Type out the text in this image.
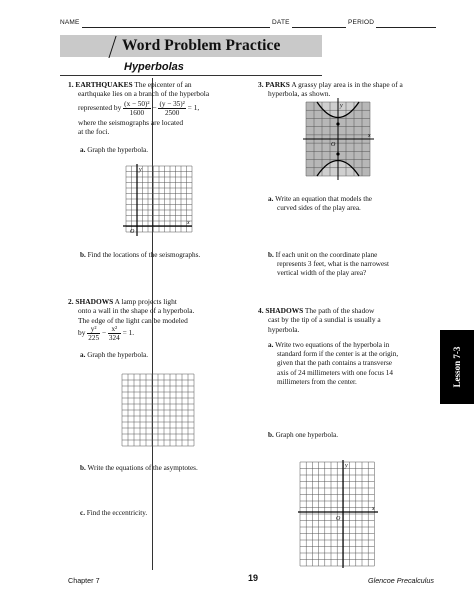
NAME	DATE	PERIOD
Word Problem Practice
Hyperbolas
1. EARTHQUAKES The epicenter of an
earthquake lies on a branch of the hyperbola
represented by $\frac{\text{(x − 50)²}}{1600} - \frac{\text{(y − 35)²}}{2500} = 1$,
where the seismographs are located
at the foci.
a. Graph the hyperbola.
b. Find the locations of the seismographs.
2. SHADOWS A lamp projects light
onto a wall in the shape of a hyperbola.
The edge of the light can be modeled
by $\frac{\text{y²}}{225} - \frac{\text{x²}}{324} = 1$.
a. Graph the hyperbola.
b. Write the equations of the asymptotes.
c. Find the eccentricity.
3. PARKS A grassy play area is in the shape of a
hyperbola, as shown.
a. Write an equation that models the
curved sides of the play area.
b. If each unit on the coordinate plane
represents 3 feet, what is the narrowest
vertical width of the play area?
4. SHADOWS The path of the shadow
cast by the tip of a sundial is usually a
hyperbola.
a. Write two equations of the hyperbola in
standard form if the center is at the origin,
given that the path contains a transverse
axis of 24 millimeters with one focus 14
millimeters from the center.
b. Graph one hyperbola.
y
x
O
y
x
O
y
x
O
Lesson 7-3
Chapter 7	19	Glencoe Precalculus
